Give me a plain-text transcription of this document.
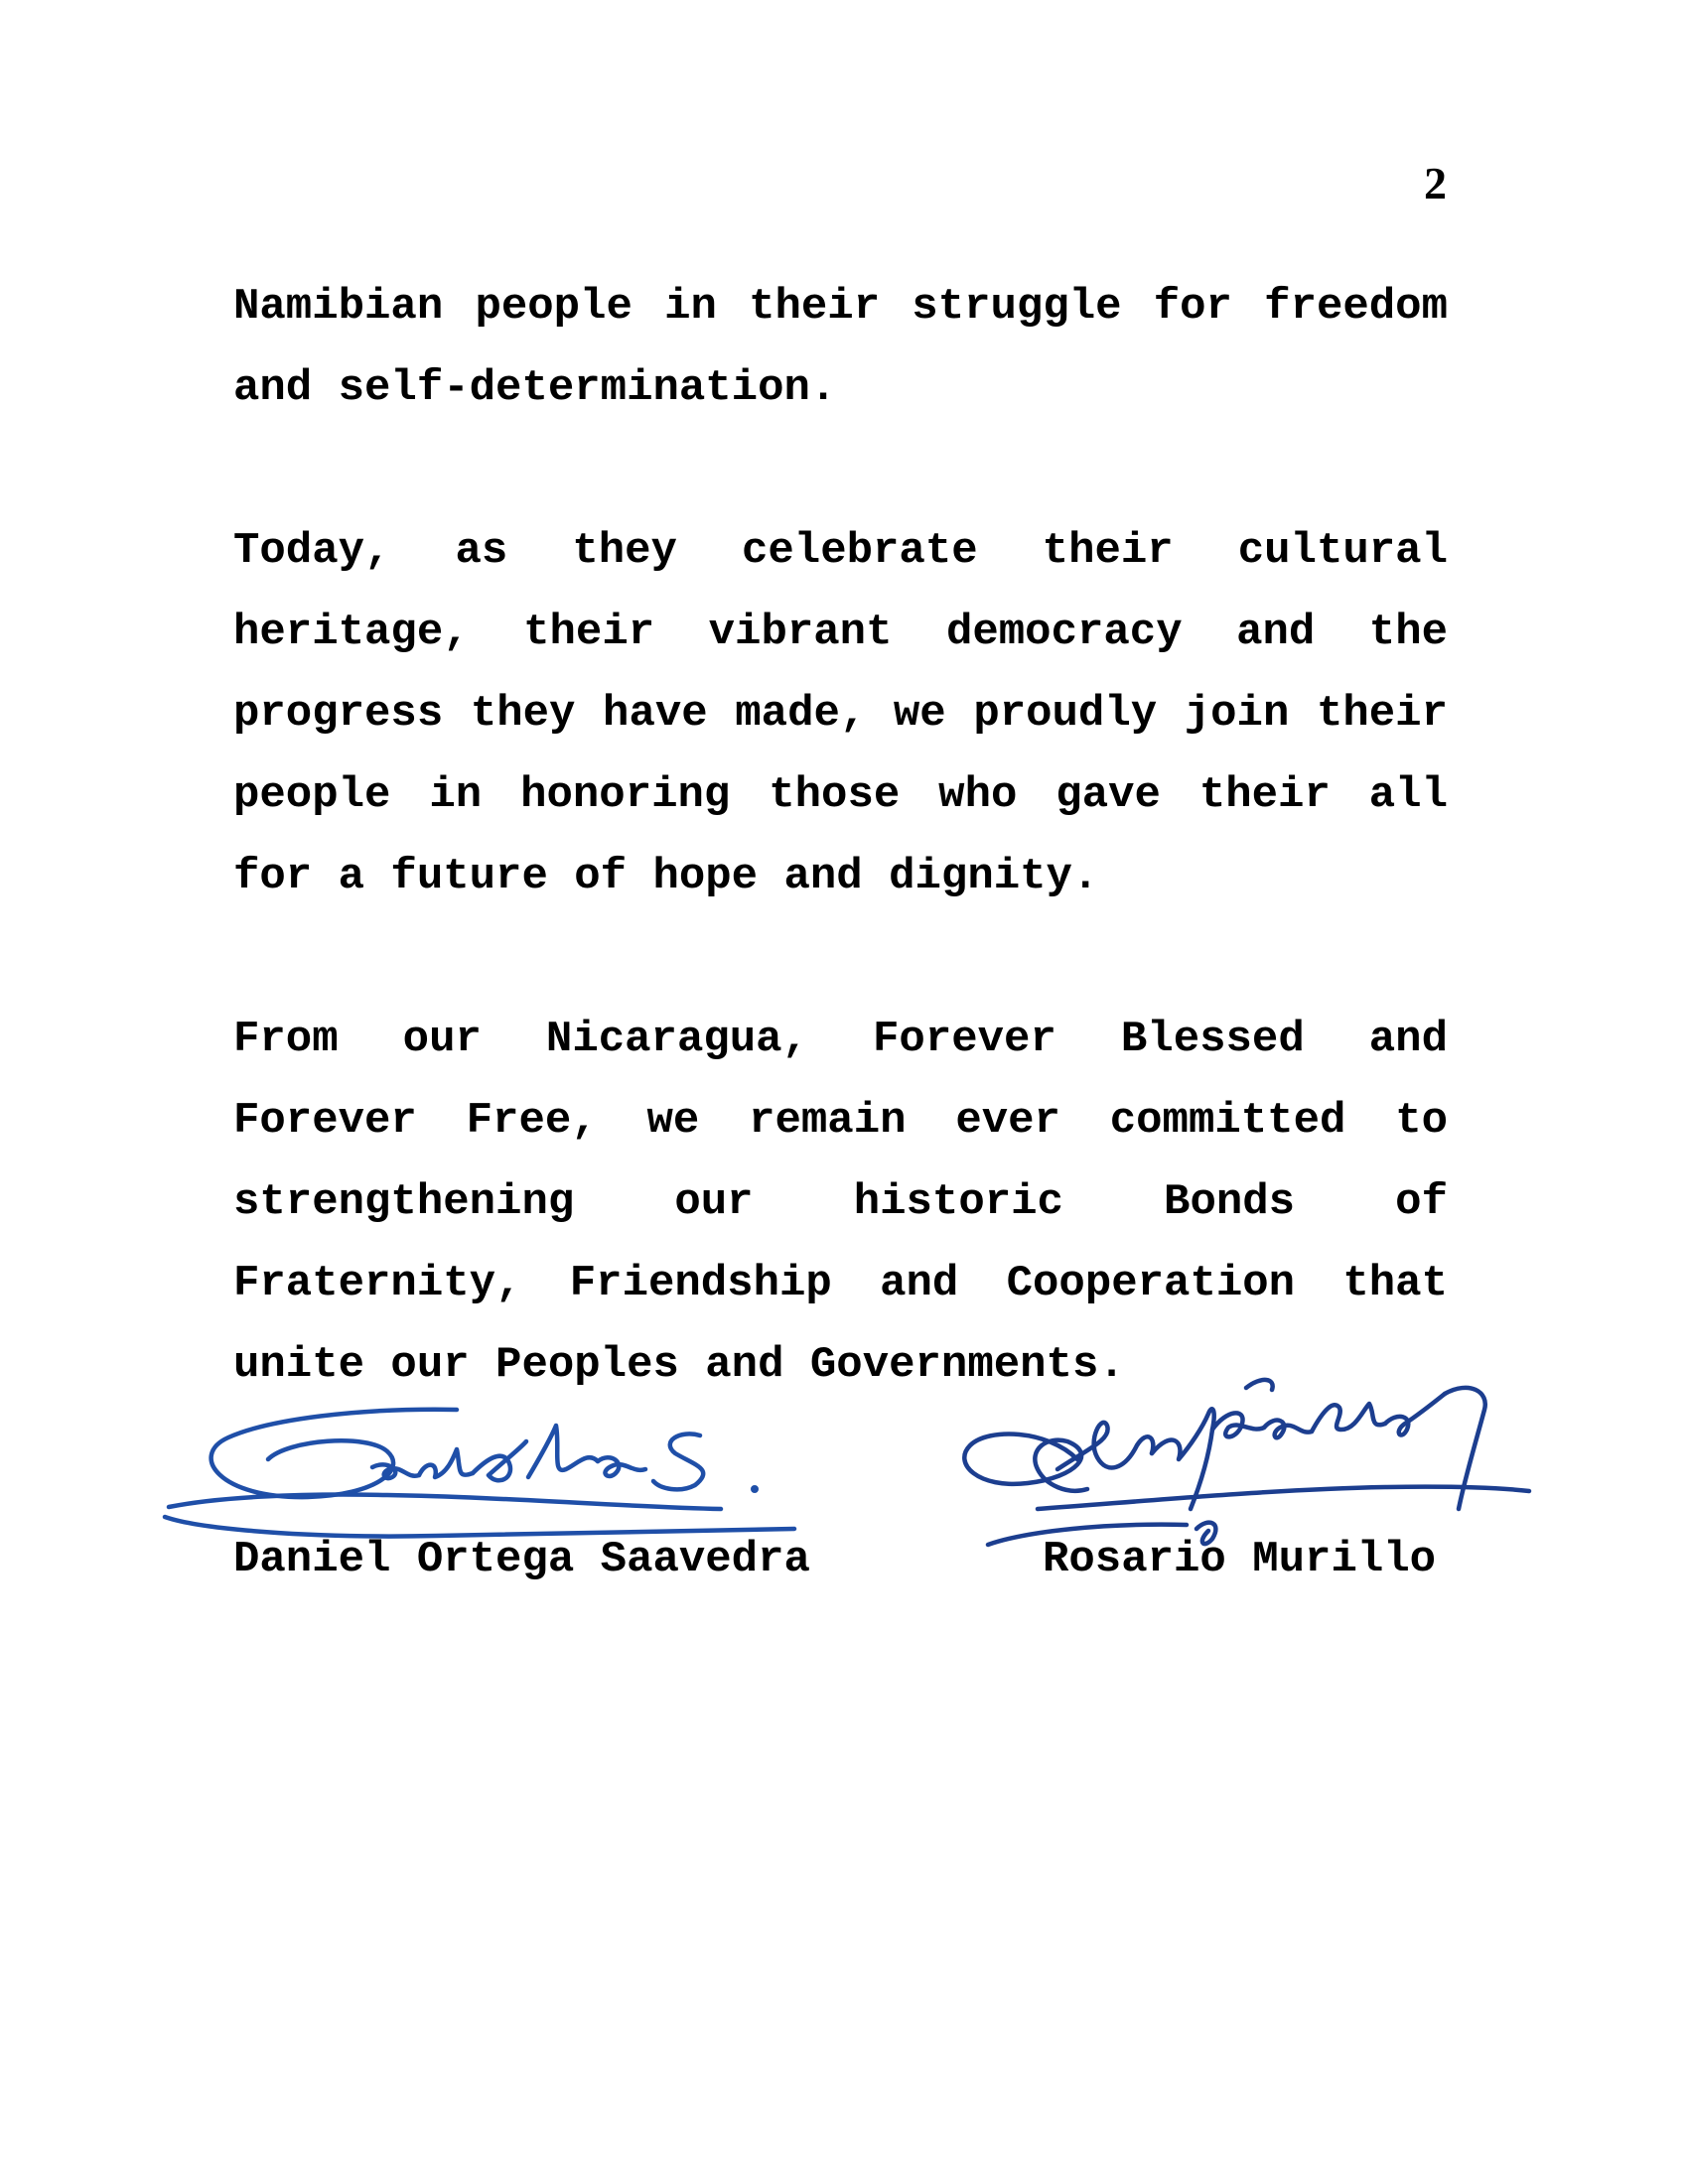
2

Namibian people in their struggle for freedom and self-determination.

Today, as they celebrate their cultural heritage, their vibrant democracy and the progress they have made, we proudly join their people in honoring those who gave their all for a future of hope and dignity.

From our Nicaragua, Forever Blessed and Forever Free, we remain ever committed to strengthening our historic Bonds of Fraternity, Friendship and Cooperation that unite our Peoples and Governments.

Daniel Ortega Saavedra	Rosario Murillo
